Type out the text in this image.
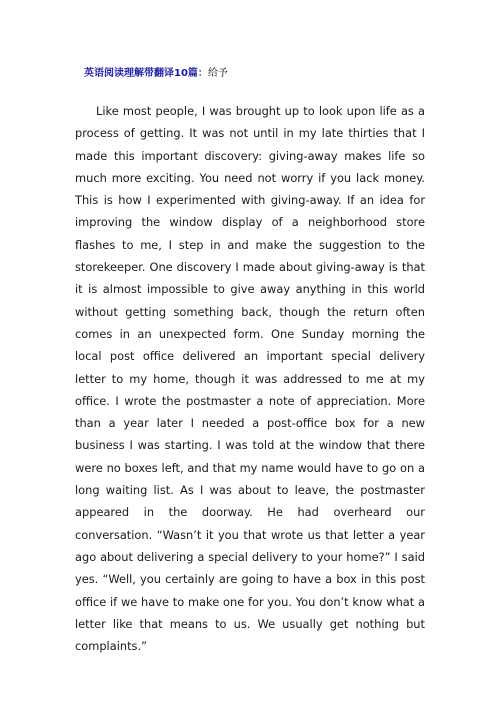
英语阅读理解带翻译10篇：给予

Like most people, I was brought up to look upon life as a process of getting. It was not until in my late thirties that I made this important discovery: giving-away makes life so much more exciting. You need not worry if you lack money. This is how I experimented with giving-away. If an idea for improving the window display of a neighborhood store flashes to me, I step in and make the suggestion to the storekeeper. One discovery I made about giving-away is that it is almost impossible to give away anything in this world without getting something back, though the return often comes in an unexpected form. One Sunday morning the local post office delivered an important special delivery letter to my home, though it was addressed to me at my office. I wrote the postmaster a note of appreciation. More than a year later I needed a post-office box for a new business I was starting. I was told at the window that there were no boxes left, and that my name would have to go on a long waiting list. As I was about to leave, the postmaster appeared in the doorway. He had overheard our conversation. “Wasn’t it you that wrote us that letter a year ago about delivering a special delivery to your home?” I said yes. “Well, you certainly are going to have a box in this post office if we have to make one for you. You don’t know what a letter like that means to us. We usually get nothing but complaints.”
